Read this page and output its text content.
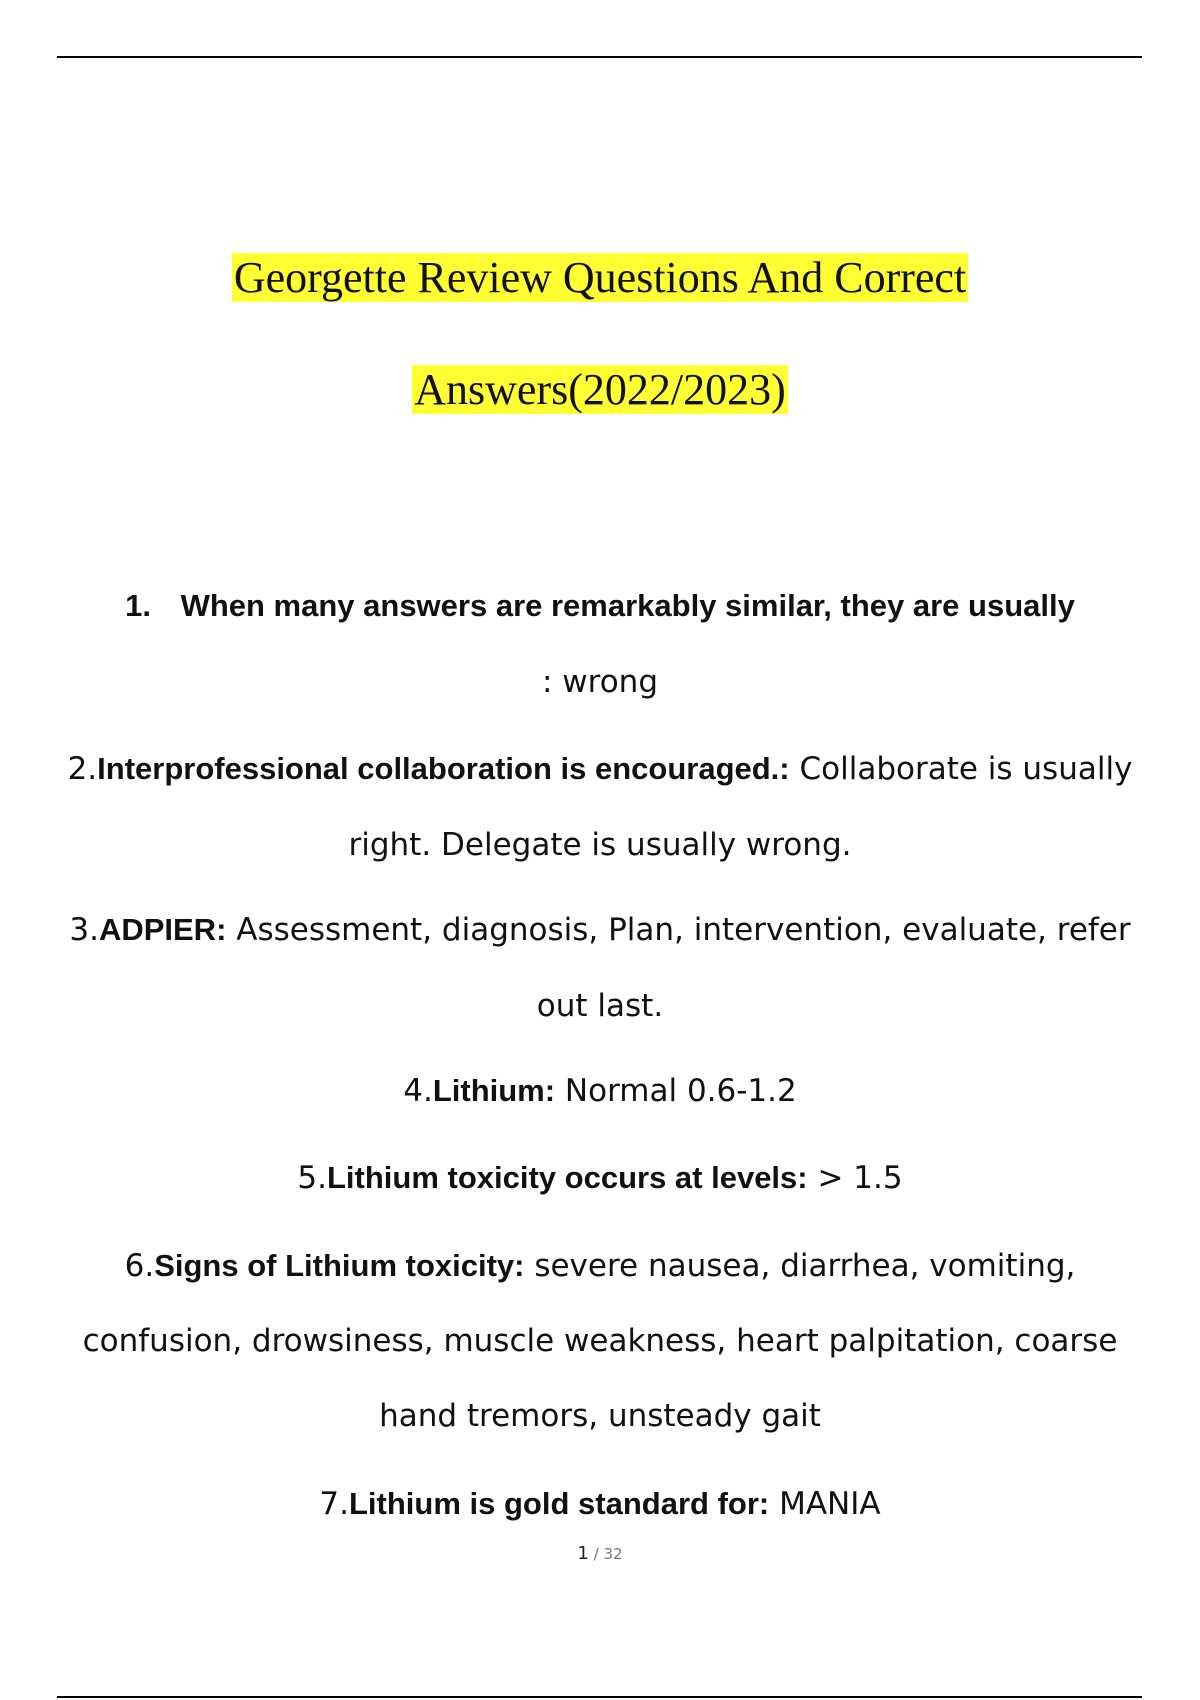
Georgette Review Questions And Correct
Answers(2022/2023)
1. When many answers are remarkably similar, they are usually
: wrong
2.Interprofessional collaboration is encouraged.: Collaborate is usually
right. Delegate is usually wrong.
3.ADPIER: Assessment, diagnosis, Plan, intervention, evaluate, refer
out last.
4.Lithium: Normal 0.6-1.2
5.Lithium toxicity occurs at levels: > 1.5
6.Signs of Lithium toxicity: severe nausea, diarrhea, vomiting,
confusion, drowsiness, muscle weakness, heart palpitation, coarse
hand tremors, unsteady gait
7.Lithium is gold standard for: MANIA
1 / 32
